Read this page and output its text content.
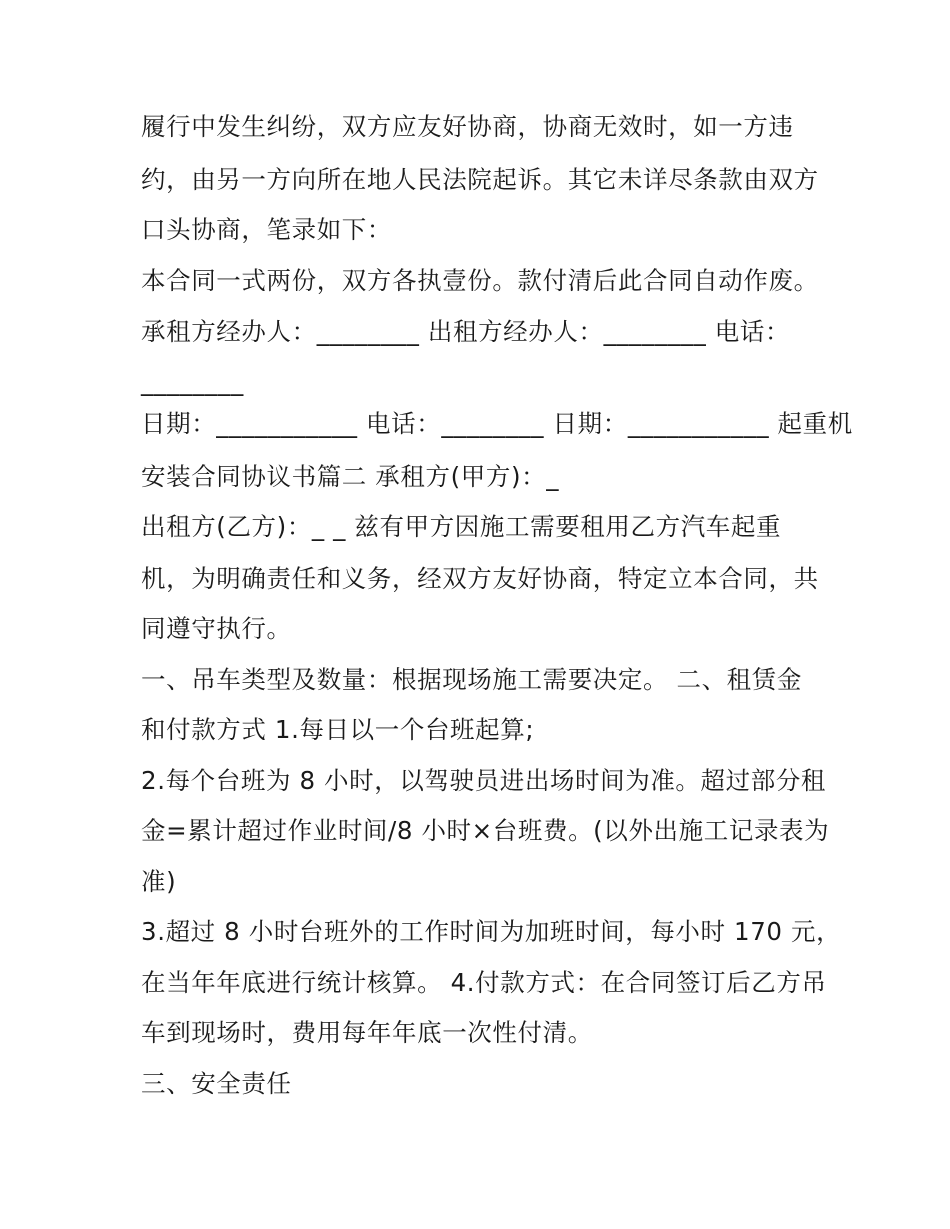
履行中发生纠纷，双方应友好协商，协商无效时，如一方违
约，由另一方向所在地人民法院起诉。其它未详尽条款由双方
口头协商，笔录如下：
本合同一式两份，双方各执壹份。款付清后此合同自动作废。
承租方经办人：________ 出租方经办人：________ 电话：
________
日期：___________ 电话：________ 日期：___________ 起重机
安装合同协议书篇二 承租方(甲方)：_
出租方(乙方)：_ _ 兹有甲方因施工需要租用乙方汽车起重
机，为明确责任和义务，经双方友好协商，特定立本合同，共
同遵守执行。
一、吊车类型及数量：根据现场施工需要决定。 二、租赁金
和付款方式 1.每日以一个台班起算;
2.每个台班为 8 小时，以驾驶员进出场时间为准。超过部分租
金=累计超过作业时间/8 小时×台班费。(以外出施工记录表为
准)
3.超过 8 小时台班外的工作时间为加班时间，每小时 170 元，
在当年年底进行统计核算。 4.付款方式：在合同签订后乙方吊
车到现场时，费用每年年底一次性付清。
三、安全责任
